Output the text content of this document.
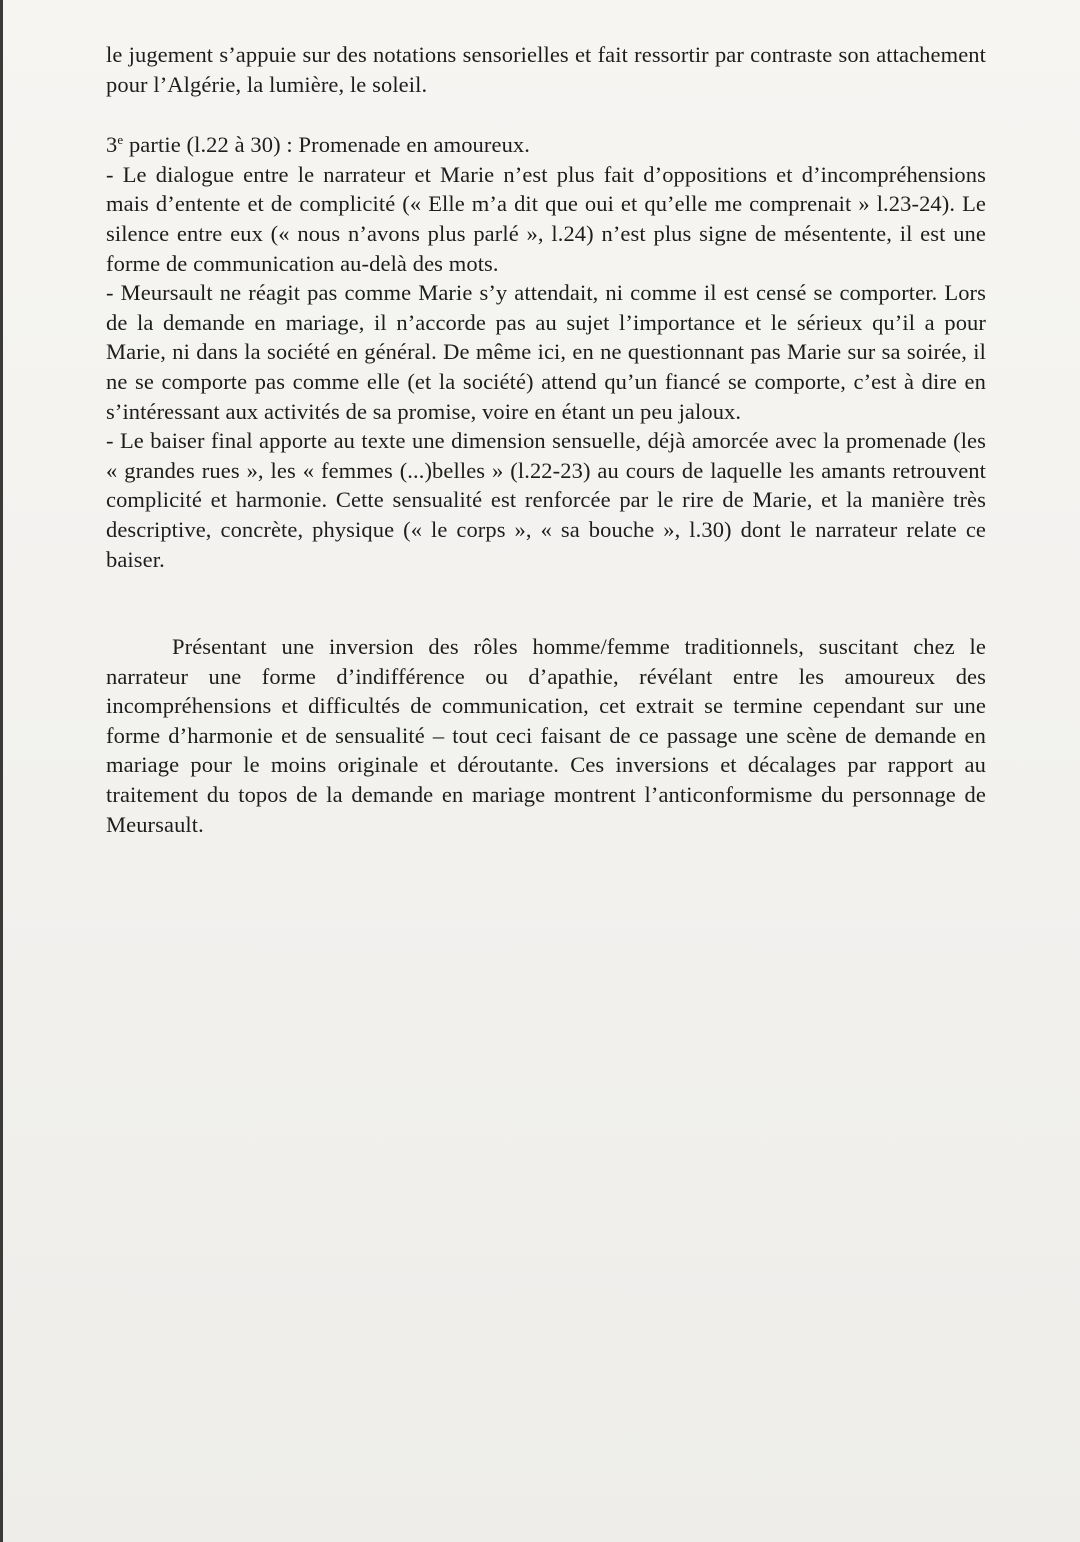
le jugement s’appuie sur des notations sensorielles et fait ressortir par contraste son attachement pour l’Algérie, la lumière, le soleil.

3e partie (l.22 à 30) : Promenade en amoureux.

- Le dialogue entre le narrateur et Marie n’est plus fait d’oppositions et d’incompréhensions mais d’entente et de complicité (« Elle m’a dit que oui et qu’elle me comprenait » l.23-24). Le silence entre eux (« nous n’avons plus parlé », l.24) n’est plus signe de mésentente, il est une forme de communication au-delà des mots.

- Meursault ne réagit pas comme Marie s’y attendait, ni comme il est censé se comporter. Lors de la demande en mariage, il n’accorde pas au sujet l’importance et le sérieux qu’il a pour Marie, ni dans la société en général. De même ici, en ne questionnant pas Marie sur sa soirée, il ne se comporte pas comme elle (et la société) attend qu’un fiancé se comporte, c’est à dire en s’intéressant aux activités de sa promise, voire en étant un peu jaloux.

- Le baiser final apporte au texte une dimension sensuelle, déjà amorcée avec la promenade (les « grandes rues », les « femmes (...)belles » (l.22-23) au cours de laquelle les amants retrouvent complicité et harmonie. Cette sensualité est renforcée par le rire de Marie, et la manière très descriptive, concrète, physique (« le corps », « sa bouche », l.30) dont le narrateur relate ce baiser.

Présentant une inversion des rôles homme/femme traditionnels, suscitant chez le narrateur une forme d’indifférence ou d’apathie, révélant entre les amoureux des incompréhensions et difficultés de communication, cet extrait se termine cependant sur une forme d’harmonie et de sensualité – tout ceci faisant de ce passage une scène de demande en mariage pour le moins originale et déroutante. Ces inversions et décalages par rapport au traitement du topos de la demande en mariage montrent l’anticonformisme du personnage de Meursault.
